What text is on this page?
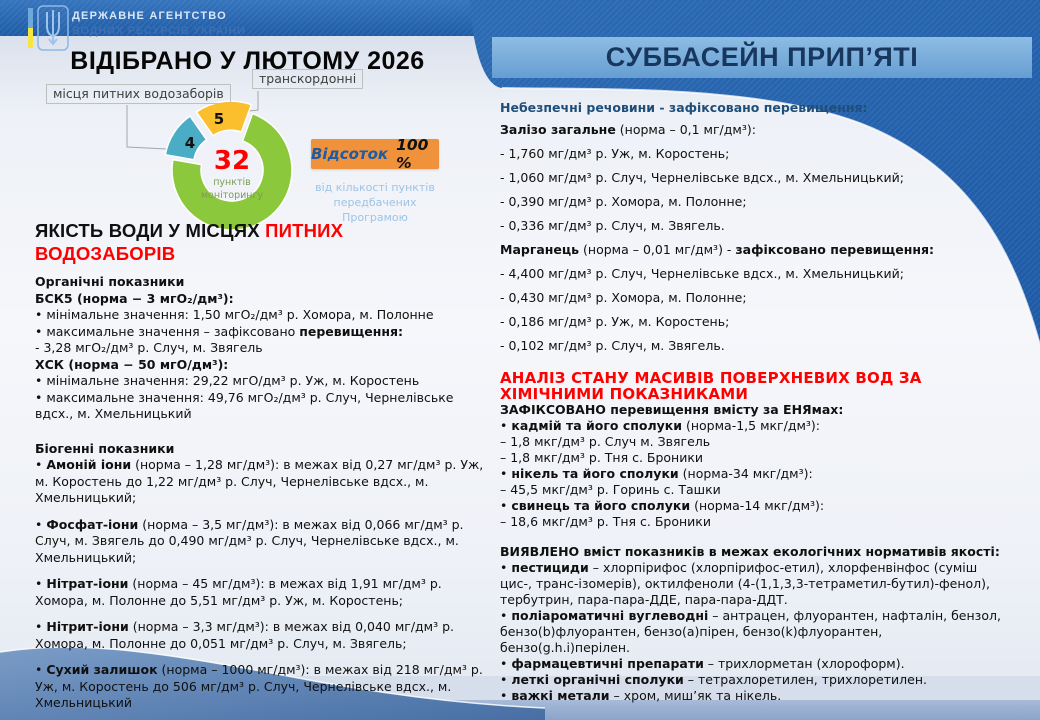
ДЕРЖАВНЕ АГЕНТСТВО
ВОДНИХ РЕСУРСІВ УКРАЇНИ
ВІДІБРАНО У ЛЮТОМУ 2026	СУББАСЕЙН ПРИП’ЯТІ
місця питних водозаборів
транскордонні
4
5
32
пунктів
моніторингу
Відсоток 100 %
від кількості пунктів
передбачених Програмою
ЯКІСТЬ ВОДИ У МІСЦЯХ ПИТНИХ ВОДОЗАБОРІВ
Органічні показники
БСК5 (норма − 3 мгО₂/дм³):
• мінімальне значення: 1,50 мгО₂/дм³ р. Хомора, м. Полонне
• максимальне значення – зафіксовано перевищення:
- 3,28 мгО₂/дм³ р. Случ, м. Звягель
ХСК (норма − 50 мгО/дм³):
• мінімальне значення: 29,22 мгО/дм³ р. Уж, м. Коростень
• максимальне значення: 49,76 мгО₂/дм³ р. Случ, Чернелівське вдсх., м. Хмельницький
Біогенні показники
• Амоній іони (норма – 1,28 мг/дм³): в межах від 0,27 мг/дм³ р. Уж, м. Коростень до 1,22 мг/дм³ р. Случ, Чернелівське вдсх., м. Хмельницький;
• Фосфат-іони (норма – 3,5 мг/дм³): в межах від 0,066 мг/дм³ р. Случ, м. Звягель до 0,490 мг/дм³ р. Случ, Чернелівське вдсх., м. Хмельницький;
• Нітрат-іони (норма – 45 мг/дм³): в межах від 1,91 мг/дм³ р. Хомора, м. Полонне до 5,51 мг/дм³ р. Уж, м. Коростень;
• Нітрит-іони (норма – 3,3 мг/дм³): в межах від 0,040 мг/дм³ р. Хомора, м. Полонне до 0,051 мг/дм³ р. Случ, м. Звягель;
• Сухий залишок (норма – 1000 мг/дм³): в межах від 218 мг/дм³ р. Уж, м. Коростень до 506 мг/дм³ р. Случ, Чернелівське вдсх., м. Хмельницький
Небезпечні речовини - зафіксовано перевищення:
Залізо загальне (норма – 0,1 мг/дм³):
- 1,760 мг/дм³ р. Уж, м. Коростень;
- 1,060 мг/дм³ р. Случ, Чернелівське вдсх., м. Хмельницький;
- 0,390 мг/дм³ р. Хомора, м. Полонне;
- 0,336 мг/дм³ р. Случ, м. Звягель.
Марганець (норма – 0,01 мг/дм³) - зафіксовано перевищення:
- 4,400 мг/дм³ р. Случ, Чернелівське вдсх., м. Хмельницький;
- 0,430 мг/дм³ р. Хомора, м. Полонне;
- 0,186 мг/дм³ р. Уж, м. Коростень;
- 0,102 мг/дм³ р. Случ, м. Звягель.
АНАЛІЗ СТАНУ МАСИВІВ ПОВЕРХНЕВИХ ВОД ЗА
ХІМІЧНИМИ ПОКАЗНИКАМИ
ЗАФІКСОВАНО перевищення вмісту за ЕНЯмах:
• кадмій та його сполуки (норма-1,5 мкг/дм³):
– 1,8 мкг/дм³ р. Случ м. Звягель
– 1,8 мкг/дм³ р. Тня с. Броники
• нікель та його сполуки (норма-34 мкг/дм³):
– 45,5 мкг/дм³ р. Горинь с. Ташки
• свинець та його сполуки (норма-14 мкг/дм³):
– 18,6 мкг/дм³ р. Тня с. Броники
ВИЯВЛЕНО вміст показників в межах екологічних нормативів якості:
• пестициди – хлорпірифос (хлорпірифос-етил), хлорфенвінфос (суміш цис-, транс-ізомерів), октилфеноли (4-(1,1,3,3-тетраметил-бутил)-фенол), тербутрин, пара-пара-ДДЕ, пара-пара-ДДТ.
• поліароматичні вуглеводні – антрацен, флуорантен, нафталін, бензол, бензо(b)флуорантен, бензо(а)пірен, бензо(k)флуорантен, бензо(g.h.i)перілен.
• фармацевтичні препарати – трихлорметан (хлороформ).
• леткі органічні сполуки – тетрахлоретилен, трихлоретилен.
• важкі метали – хром, миш’як та нікель.
